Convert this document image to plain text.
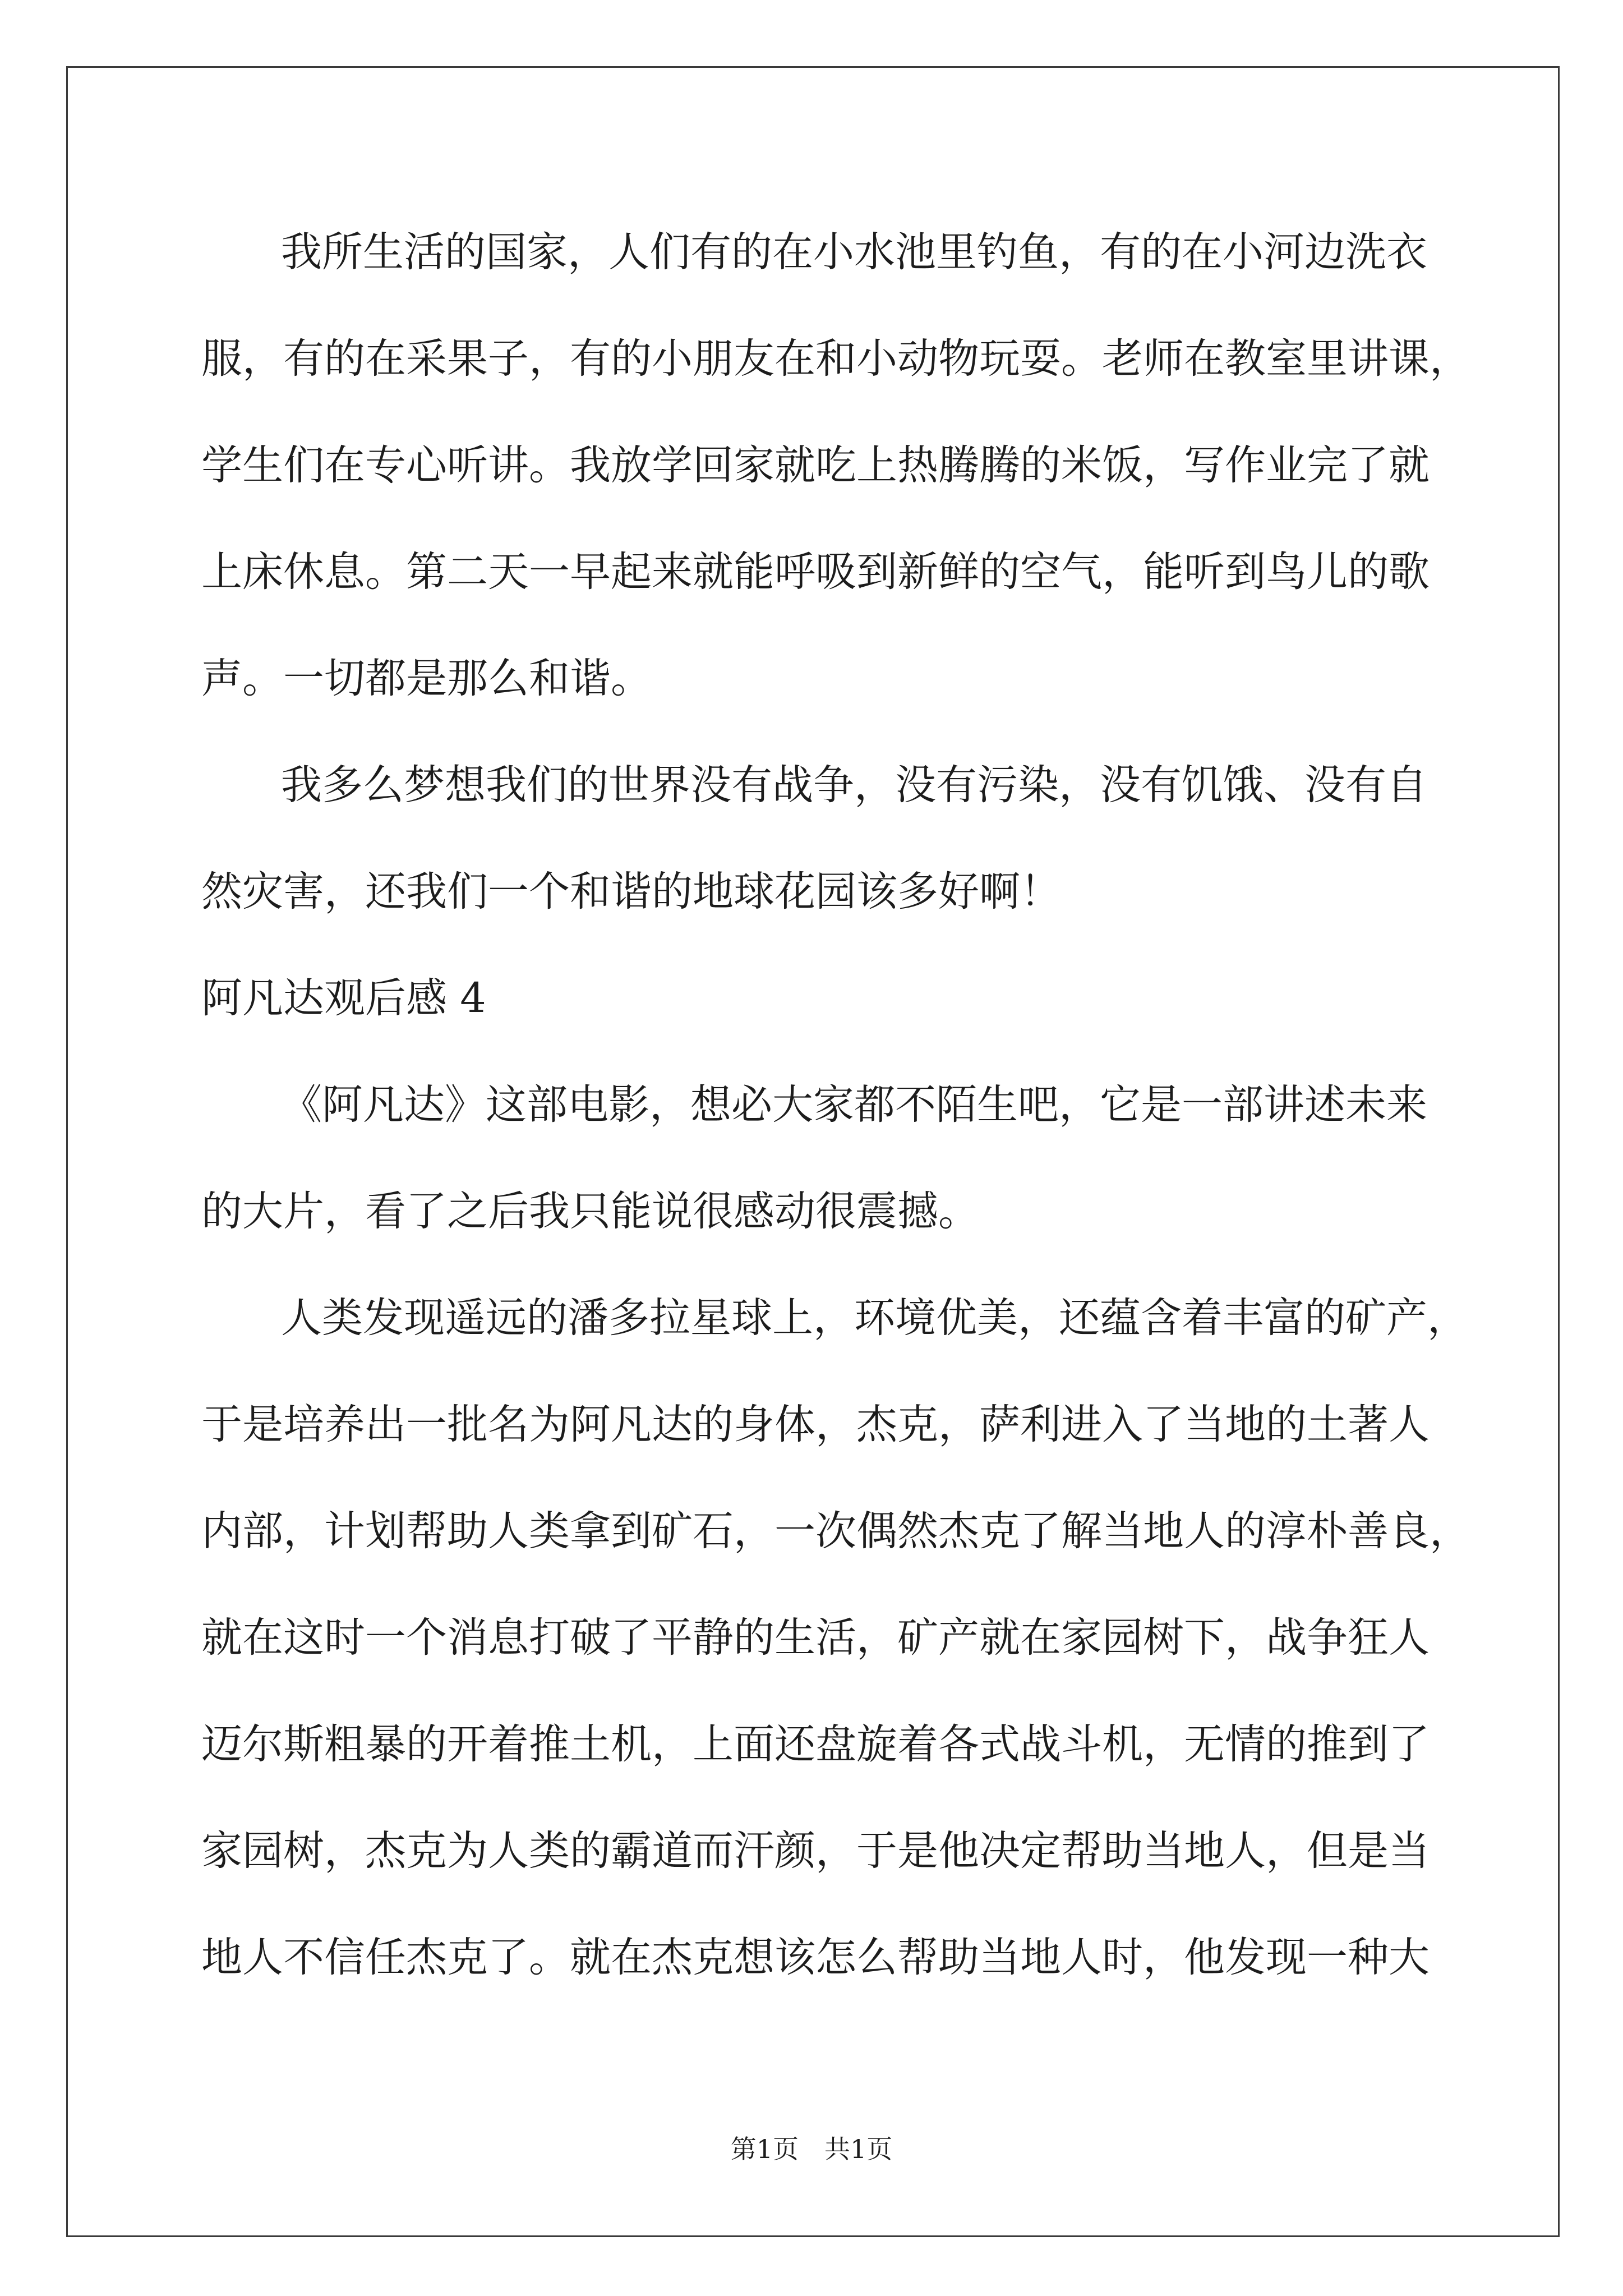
我所生活的国家，人们有的在小水池里钓鱼，有的在小河边洗衣
服，有的在采果子，有的小朋友在和小动物玩耍。老师在教室里讲课，
学生们在专心听讲。我放学回家就吃上热腾腾的米饭，写作业完了就
上床休息。第二天一早起来就能呼吸到新鲜的空气，能听到鸟儿的歌
声。一切都是那么和谐。
我多么梦想我们的世界没有战争，没有污染，没有饥饿、没有自
然灾害，还我们一个和谐的地球花园该多好啊！
阿凡达观后感 4
《阿凡达》这部电影，想必大家都不陌生吧，它是一部讲述未来
的大片，看了之后我只能说很感动很震撼。
人类发现遥远的潘多拉星球上，环境优美，还蕴含着丰富的矿产，
于是培养出一批名为阿凡达的身体，杰克，萨利进入了当地的土著人
内部，计划帮助人类拿到矿石，一次偶然杰克了解当地人的淳朴善良，
就在这时一个消息打破了平静的生活，矿产就在家园树下，战争狂人
迈尔斯粗暴的开着推土机，上面还盘旋着各式战斗机，无情的推到了
家园树，杰克为人类的霸道而汗颜，于是他决定帮助当地人，但是当
地人不信任杰克了。就在杰克想该怎么帮助当地人时，他发现一种大
第1页 共1页
